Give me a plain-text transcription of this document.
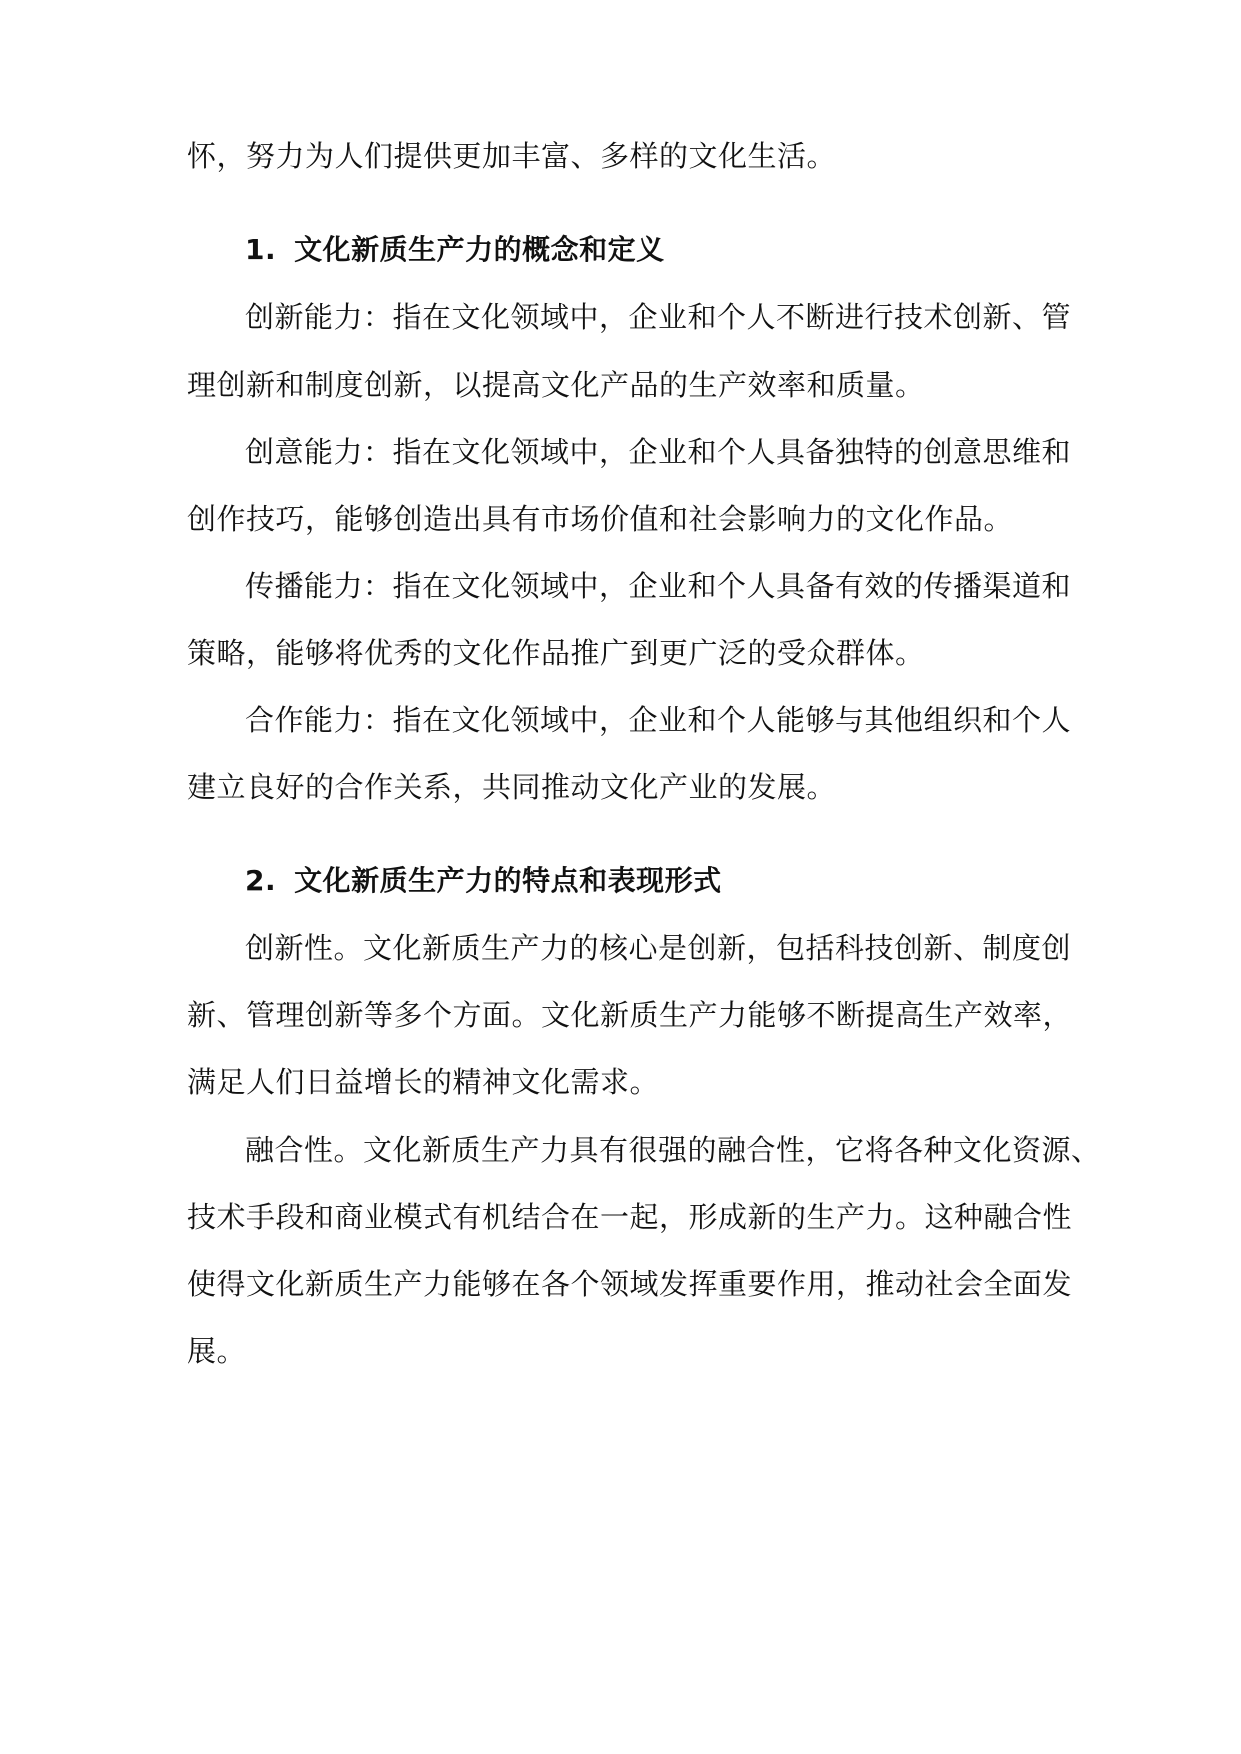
怀，努力为人们提供更加丰富、多样的文化生活。
1. 文化新质生产力的概念和定义
创新能力：指在文化领域中，企业和个人不断进行技术创新、管
理创新和制度创新，以提高文化产品的生产效率和质量。
创意能力：指在文化领域中，企业和个人具备独特的创意思维和
创作技巧，能够创造出具有市场价值和社会影响力的文化作品。
传播能力：指在文化领域中，企业和个人具备有效的传播渠道和
策略，能够将优秀的文化作品推广到更广泛的受众群体。
合作能力：指在文化领域中，企业和个人能够与其他组织和个人
建立良好的合作关系，共同推动文化产业的发展。
2. 文化新质生产力的特点和表现形式
创新性。文化新质生产力的核心是创新，包括科技创新、制度创
新、管理创新等多个方面。文化新质生产力能够不断提高生产效率，
满足人们日益增长的精神文化需求。
融合性。文化新质生产力具有很强的融合性，它将各种文化资源、
技术手段和商业模式有机结合在一起，形成新的生产力。这种融合性
使得文化新质生产力能够在各个领域发挥重要作用，推动社会全面发
展。
